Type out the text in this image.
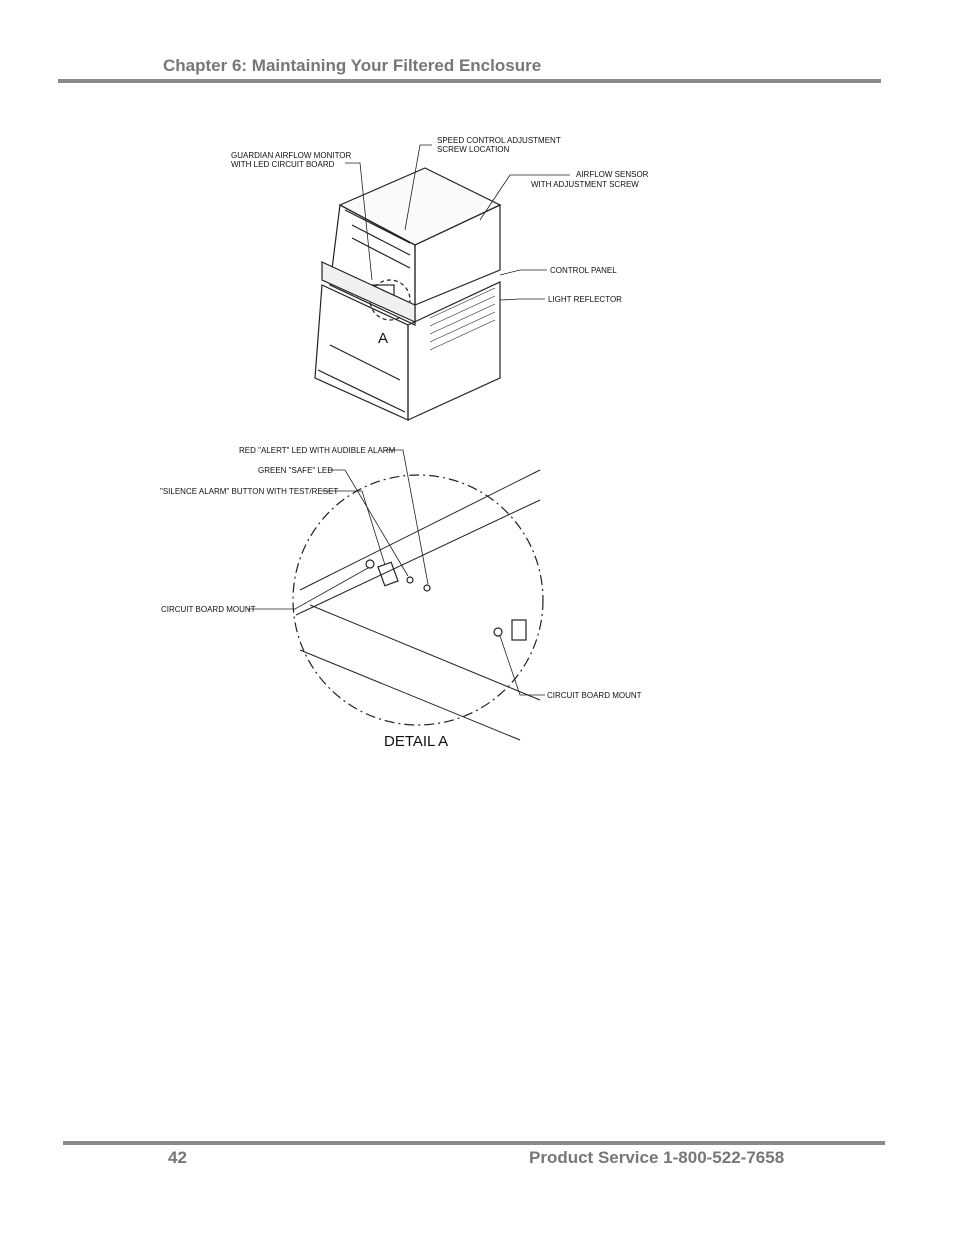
Chapter 6: Maintaining Your Filtered Enclosure
SPEED CONTROL ADJUSTMENT
SCREW LOCATION
GUARDIAN AIRFLOW MONITOR
WITH LED CIRCUIT BOARD
AIRFLOW SENSOR
WITH ADJUSTMENT SCREW
CONTROL PANEL
LIGHT REFLECTOR
A
RED "ALERT" LED WITH AUDIBLE ALARM
GREEN "SAFE" LED
"SILENCE ALARM" BUTTON WITH TEST/RESET
CIRCUIT BOARD MOUNT
CIRCUIT BOARD MOUNT
DETAIL A
42	Product Service 1-800-522-7658
